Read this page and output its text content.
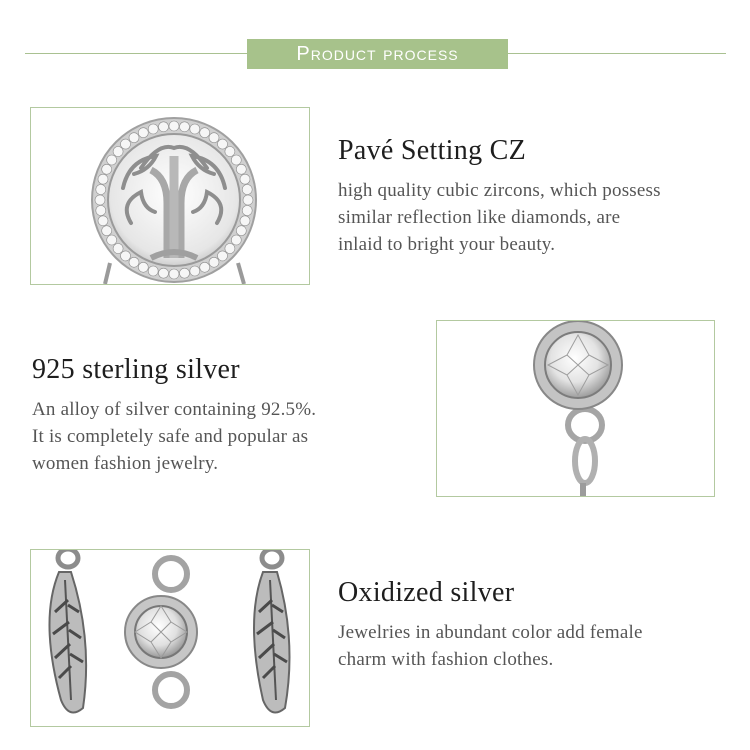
Product process
Pavé Setting CZ

high quality cubic zircons, which possess
similar reflection like diamonds, are
inlaid to bright your beauty.

925 sterling silver

An alloy of silver containing 92.5%.
It is completely safe and popular as
women fashion jewelry.

Oxidized silver

Jewelries in abundant color add female
charm with fashion clothes.
